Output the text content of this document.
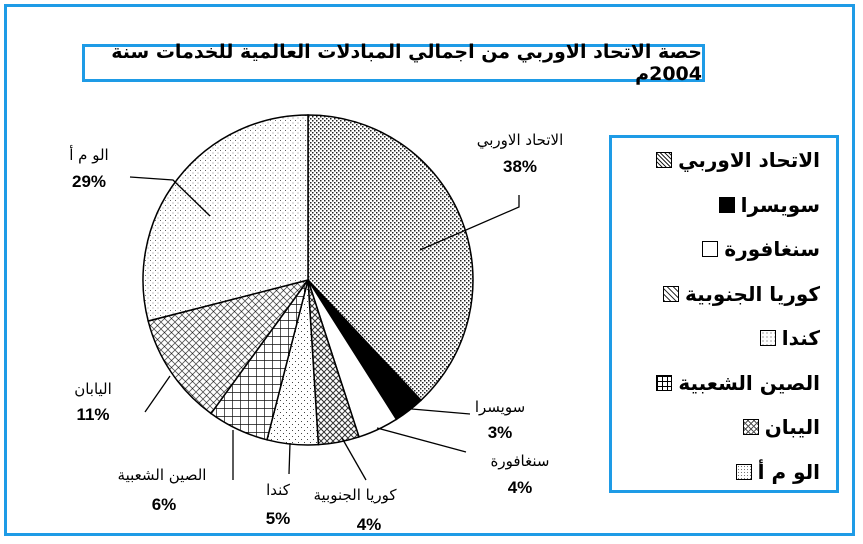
الاتحاد الاوربي
38%
سويسرا
3%
سنغافورة
4%
كوريا الجنوبية
4%
كندا
5%
الصين الشعبية
6%
اليابان
11%
الو م أ
29%
حصة الاتحاد الاوربي من اجمالي المبادلات العالمية للخدمات سنة 2004م
الاتحاد الاوربي
سويسرا
سنغافورة
كوريا الجنوبية
كندا
الصين الشعبية
اليبان
الو م أ
